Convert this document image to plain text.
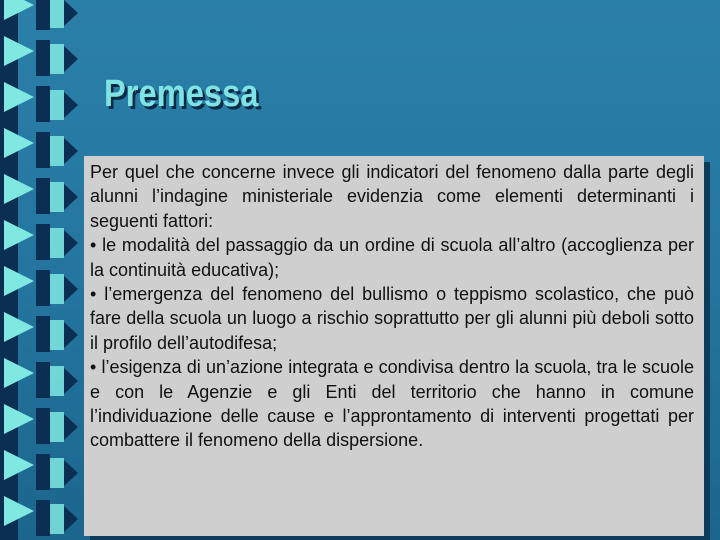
Premessa

Per quel che concerne invece gli indicatori del fenomeno dalla parte degli alunni l’indagine ministeriale evidenzia come elementi determinanti i seguenti fattori:

• le modalità del passaggio da un ordine di scuola all’altro (accoglienza per la continuità educativa);

• l’emergenza del fenomeno del bullismo o teppismo scolastico, che può fare della scuola un luogo a rischio soprattutto per gli alunni più deboli sotto il profilo dell’autodifesa;

• l’esigenza di un’azione integrata e condivisa dentro la scuola, tra le scuole e con le Agenzie e gli Enti del territorio che hanno in comune l’individuazione delle cause e l’approntamento di interventi progettati per combattere il fenomeno della dispersione.
